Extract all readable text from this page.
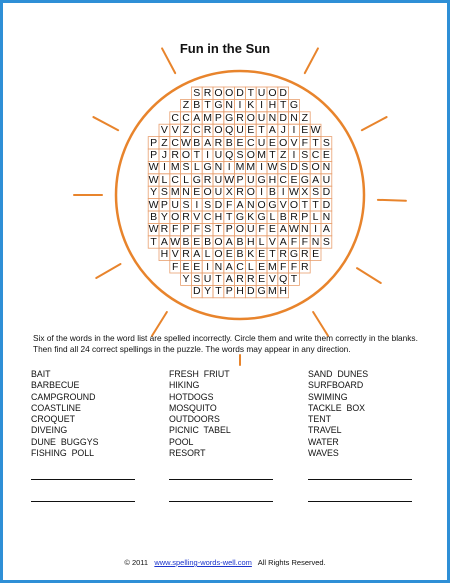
Fun in the Sun
S R O O D T U O D
Z B T G N I K I H T G
C C A M P G R O U N D N Z
V V Z C R O Q U E T A J I E W
P Z C W B A R B E C U E O V F T S
P J R O T I U Q S O M T Z I S C E
W I M S L G N I M M I W S D S O N
W L C L G R U W P U G H C E G A U
Y S M N E O U X R O I B I W X S D
W P U S I S D F A N O G V O T T D
B Y O R V C H T G K G L B R P L N
W R F P F S T P O U F E A W N I A
T A W B E B O A B H L V A F F N S
H V R A L O E B K E T R G R E
F E E I N A C L E M F F R
Y S U T A R R E V Q T
D Y T P H D G M H
Six of the words in the word list are spelled incorrectly. Circle them and write them correctly in the blanks. Then find all 24 correct spellings in the puzzle. The words may appear in any direction.
BAIT
BARBECUE
CAMPGROUND
COASTLINE
CROQUET
DIVEING
DUNE  BUGGYS
FISHING  POLL
FRESH  FRIUT
HIKING
HOTDOGS
MOSQUITO
OUTDOORS
PICNIC  TABEL
POOL
RESORT
SAND  DUNES
SURFBOARD
SWIMING
TACKLE  BOX
TENT
TRAVEL
WATER
WAVES
© 2011 www.spelling-words-well.com All Rights Reserved.
